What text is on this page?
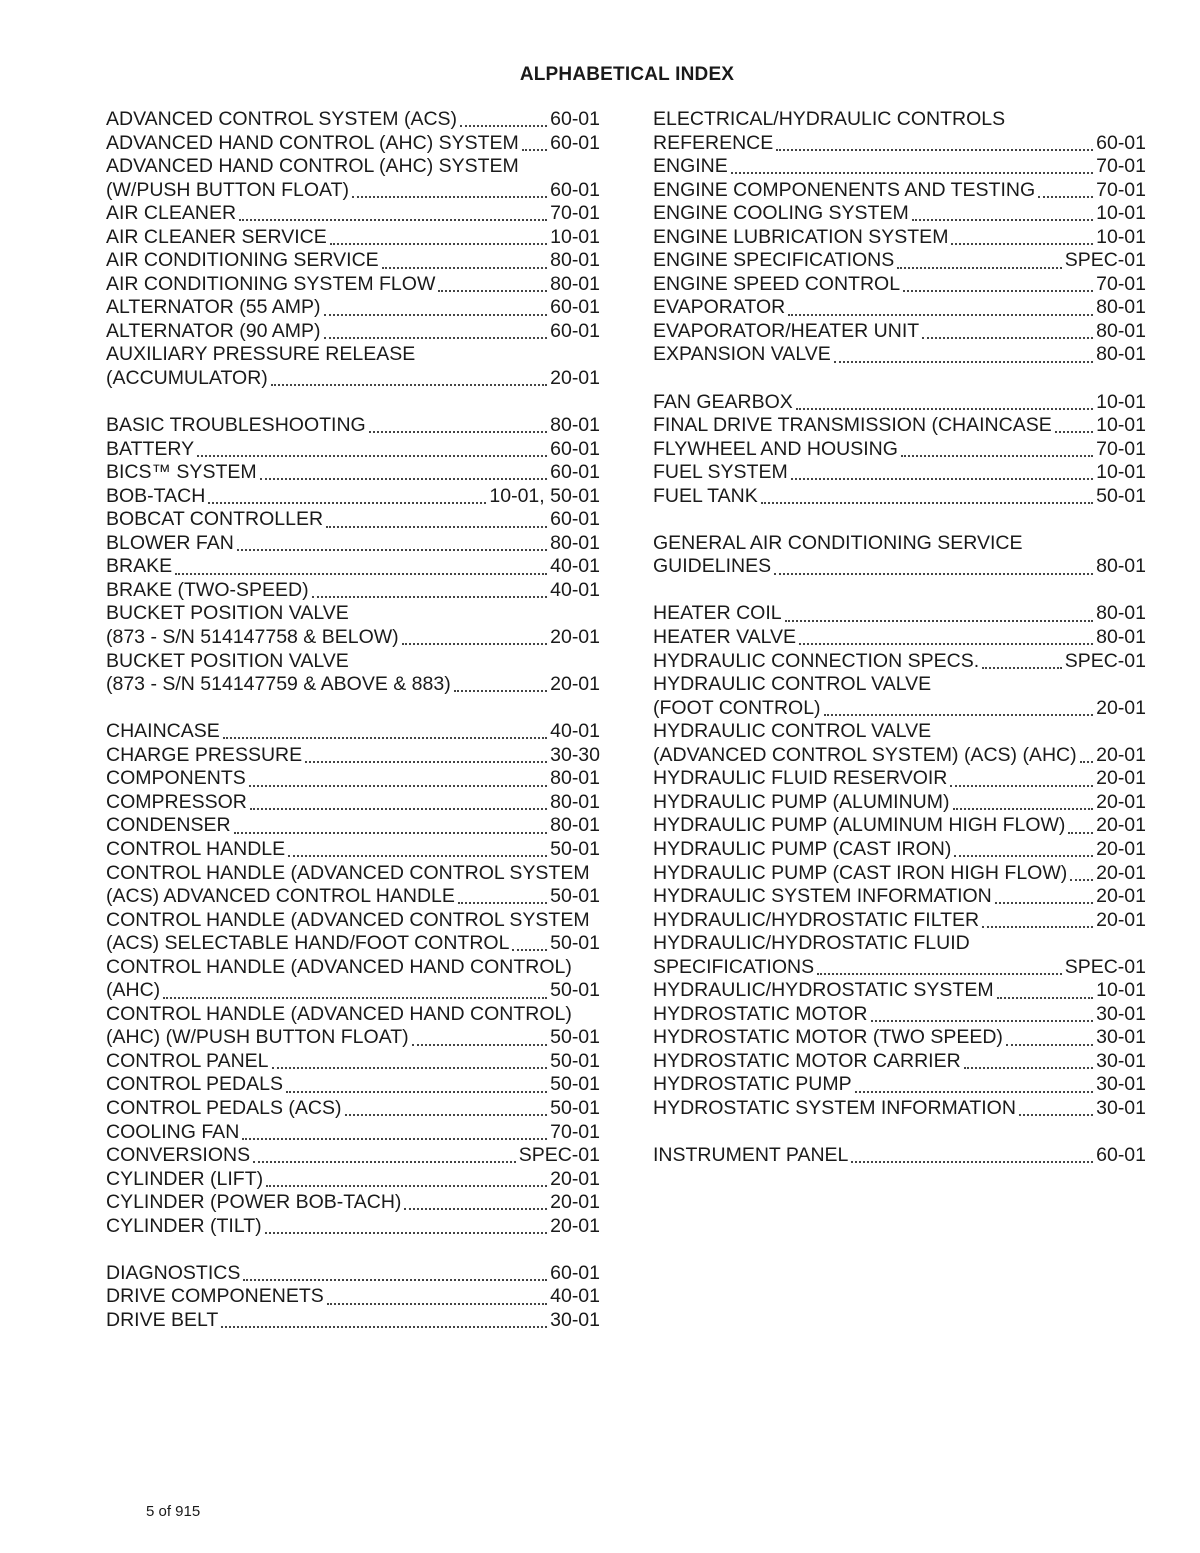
ALPHABETICAL INDEX
ADVANCED CONTROL SYSTEM (ACS)	60-01
ADVANCED HAND CONTROL (AHC) SYSTEM 60-01
ADVANCED HAND CONTROL (AHC) SYSTEM
(W/PUSH BUTTON FLOAT)	60-01
AIR CLEANER	70-01
AIR CLEANER SERVICE	10-01
AIR CONDITIONING SERVICE	80-01
AIR CONDITIONING SYSTEM FLOW	80-01
ALTERNATOR (55 AMP)	60-01
ALTERNATOR (90 AMP)	60-01
AUXILIARY PRESSURE RELEASE
(ACCUMULATOR)	20-01
BASIC TROUBLESHOOTING	80-01
BATTERY	60-01
BICS™ SYSTEM	60-01
BOB-TACH	10-01, 50-01
BOBCAT CONTROLLER	60-01
BLOWER FAN	80-01
BRAKE	40-01
BRAKE (TWO-SPEED)	40-01
BUCKET POSITION VALVE
(873 - S/N 514147758 & BELOW)	20-01
BUCKET POSITION VALVE
(873 - S/N 514147759 & ABOVE & 883)	20-01
CHAINCASE	40-01
CHARGE PRESSURE	30-30
COMPONENTS	80-01
COMPRESSOR	80-01
CONDENSER	80-01
CONTROL HANDLE	50-01
CONTROL HANDLE (ADVANCED CONTROL SYSTEM
(ACS) ADVANCED CONTROL HANDLE	50-01
CONTROL HANDLE (ADVANCED CONTROL SYSTEM
(ACS) SELECTABLE HAND/FOOT CONTROL 50-01
CONTROL HANDLE (ADVANCED HAND CONTROL)
(AHC)	50-01
CONTROL HANDLE (ADVANCED HAND CONTROL)
(AHC) (W/PUSH BUTTON FLOAT)	50-01
CONTROL PANEL	50-01
CONTROL PEDALS	50-01
CONTROL PEDALS (ACS)	50-01
COOLING FAN	70-01
CONVERSIONS	SPEC-01
CYLINDER (LIFT)	20-01
CYLINDER (POWER BOB-TACH)	20-01
CYLINDER (TILT)	20-01
DIAGNOSTICS	60-01
DRIVE COMPONENETS	40-01
DRIVE BELT	30-01
ELECTRICAL/HYDRAULIC CONTROLS
REFERENCE	60-01
ENGINE	70-01
ENGINE COMPONENENTS AND TESTING	70-01
ENGINE COOLING SYSTEM	10-01
ENGINE LUBRICATION SYSTEM	10-01
ENGINE SPECIFICATIONS	SPEC-01
ENGINE SPEED CONTROL	70-01
EVAPORATOR	80-01
EVAPORATOR/HEATER UNIT	80-01
EXPANSION VALVE	80-01
FAN GEARBOX	10-01
FINAL DRIVE TRANSMISSION (CHAINCASE 10-01
FLYWHEEL AND HOUSING	70-01
FUEL SYSTEM	10-01
FUEL TANK	50-01
GENERAL AIR CONDITIONING SERVICE
GUIDELINES	80-01
HEATER COIL	80-01
HEATER VALVE	80-01
HYDRAULIC CONNECTION SPECS.	SPEC-01
HYDRAULIC CONTROL VALVE
(FOOT CONTROL)	20-01
HYDRAULIC CONTROL VALVE
(ADVANCED CONTROL SYSTEM) (ACS) (AHC) 20-01
HYDRAULIC FLUID RESERVOIR	20-01
HYDRAULIC PUMP (ALUMINUM)	20-01
HYDRAULIC PUMP (ALUMINUM HIGH FLOW) 20-01
HYDRAULIC PUMP (CAST IRON)	20-01
HYDRAULIC PUMP (CAST IRON HIGH FLOW) 20-01
HYDRAULIC SYSTEM INFORMATION	20-01
HYDRAULIC/HYDROSTATIC FILTER	20-01
HYDRAULIC/HYDROSTATIC FLUID
SPECIFICATIONS	SPEC-01
HYDRAULIC/HYDROSTATIC SYSTEM	10-01
HYDROSTATIC MOTOR	30-01
HYDROSTATIC MOTOR (TWO SPEED)	30-01
HYDROSTATIC MOTOR CARRIER	30-01
HYDROSTATIC PUMP	30-01
HYDROSTATIC SYSTEM INFORMATION	30-01
INSTRUMENT PANEL	60-01
5 of 915
